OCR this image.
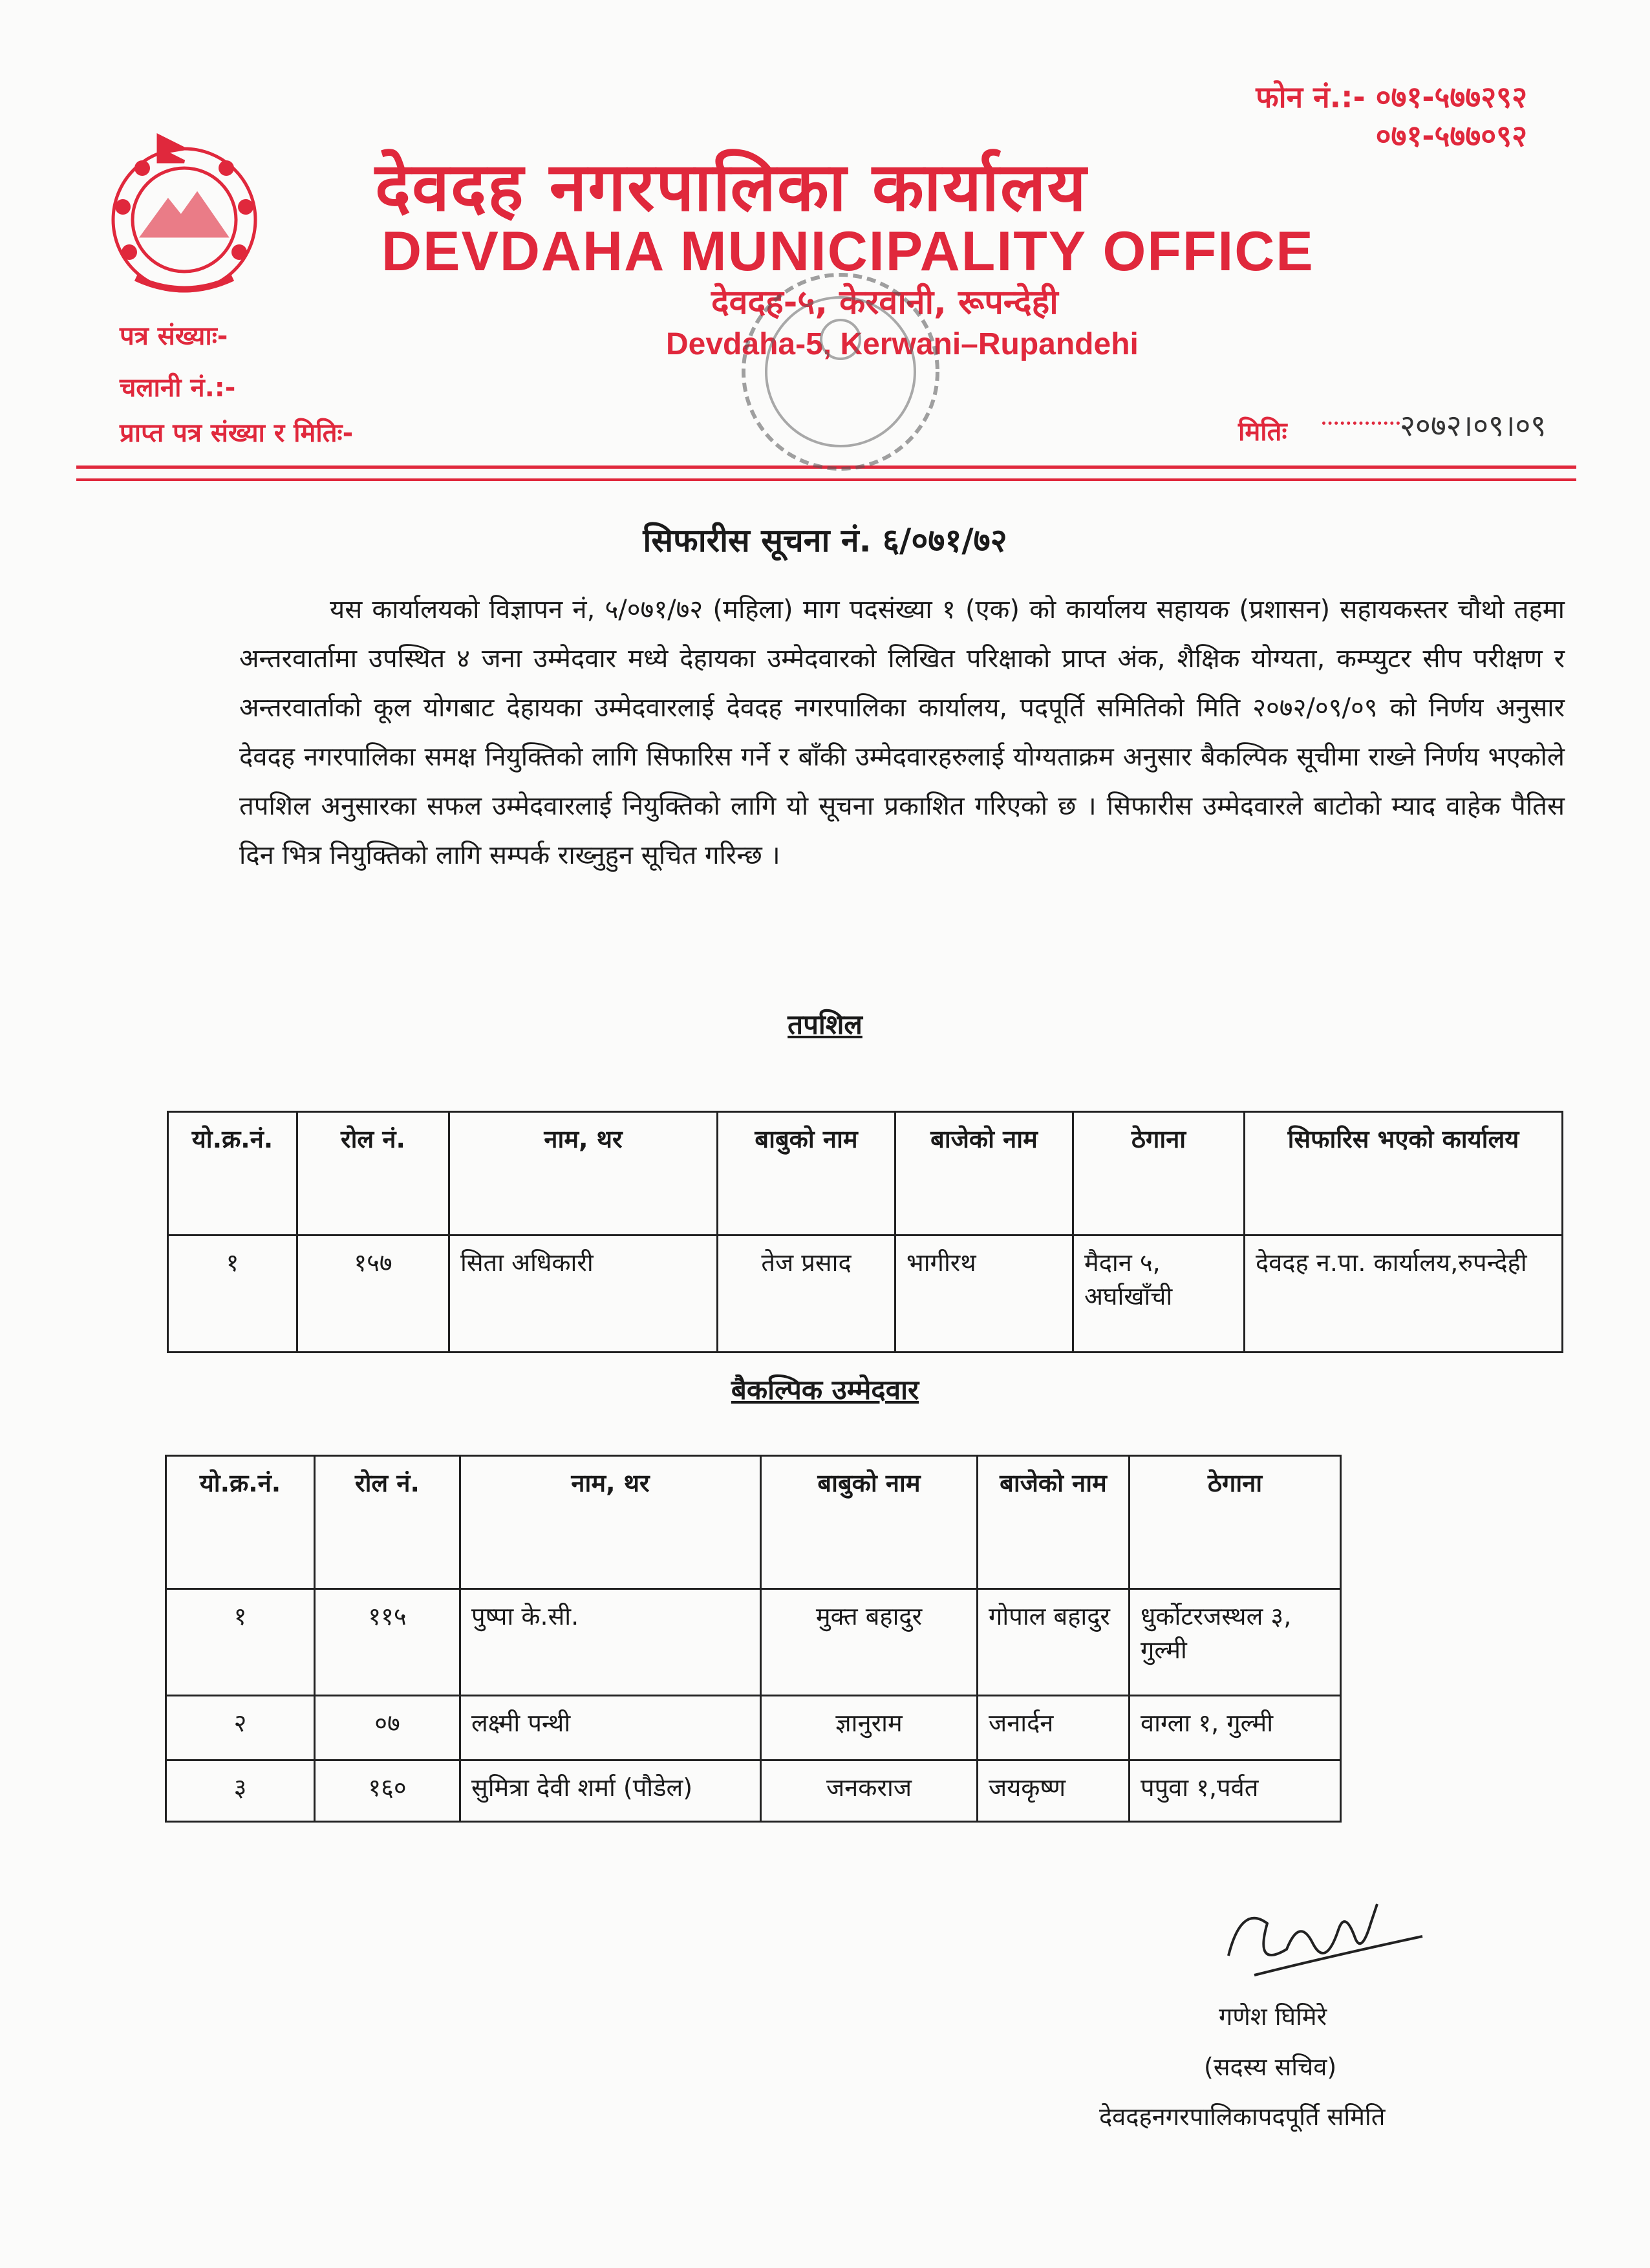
फोन नं.:- ०७१-५७७२९२
०७१-५७७०९२
देवदह नगरपालिका कार्यालय
DEVDAHA MUNICIPALITY OFFICE
देवदह-५, केरवानी, रूपन्देही
Devdaha-5, Kerwani–Rupandehi
पत्र संख्याः-
चलानी नं.:-
प्राप्त पत्र संख्या र मितिः-	मितिः	२०७२।०९।०९
सिफारीस सूचना नं. ६/०७१/७२
यस कार्यालयको विज्ञापन नं, ५/०७१/७२ (महिला) माग पदसंख्या १ (एक) को कार्यालय सहायक (प्रशासन) सहायकस्तर चौथो तहमा अन्तरवार्तामा उपस्थित ४ जना उम्मेदवार मध्ये देहायका उम्मेदवारको लिखित परिक्षाको प्राप्त अंक, शैक्षिक योग्यता, कम्प्युटर सीप परीक्षण र अन्तरवार्ताको कूल योगबाट देहायका उम्मेदवारलाई देवदह नगरपालिका कार्यालय, पदपूर्ति समितिको मिति २०७२/०९/०९ को निर्णय अनुसार देवदह नगरपालिका समक्ष नियुक्तिको लागि सिफारिस गर्ने र बाँकी उम्मेदवारहरुलाई योग्यताक्रम अनुसार बैकल्पिक सूचीमा राख्ने निर्णय भएकोले तपशिल अनुसारका सफल उम्मेदवारलाई नियुक्तिको लागि यो सूचना प्रकाशित गरिएको छ । सिफारीस उम्मेदवारले बाटोको म्याद वाहेक पैतिस दिन भित्र नियुक्तिको लागि सम्पर्क राख्नुहुन सूचित गरिन्छ ।
तपशिल
यो.क्र.नं.	रोल नं.	नाम, थर	बाबुको नाम	बाजेको नाम	ठेगाना	सिफारिस भएको कार्यालय
१	१५७	सिता अधिकारी	तेज प्रसाद	भागीरथ	मैदान ५, अर्घाखाँची	देवदह न.पा. कार्यालय,रुपन्देही
बैकल्पिक उम्मेदवार
यो.क्र.नं.	रोल नं.	नाम, थर	बाबुको नाम	बाजेको नाम	ठेगाना
१	११५	पुष्पा के.सी.	मुक्त बहादुर	गोपाल बहादुर	धुर्कोटरजस्थल ३, गुल्मी
२	०७	लक्ष्मी पन्थी	ज्ञानुराम	जनार्दन	वाग्ला १, गुल्मी
३	१६०	सुमित्रा देवी शर्मा (पौडेल)	जनकराज	जयकृष्ण	पपुवा १,पर्वत
गणेश घिमिरे
(सदस्य सचिव)
देवदहनगरपालिकापदपूर्ति समिति
